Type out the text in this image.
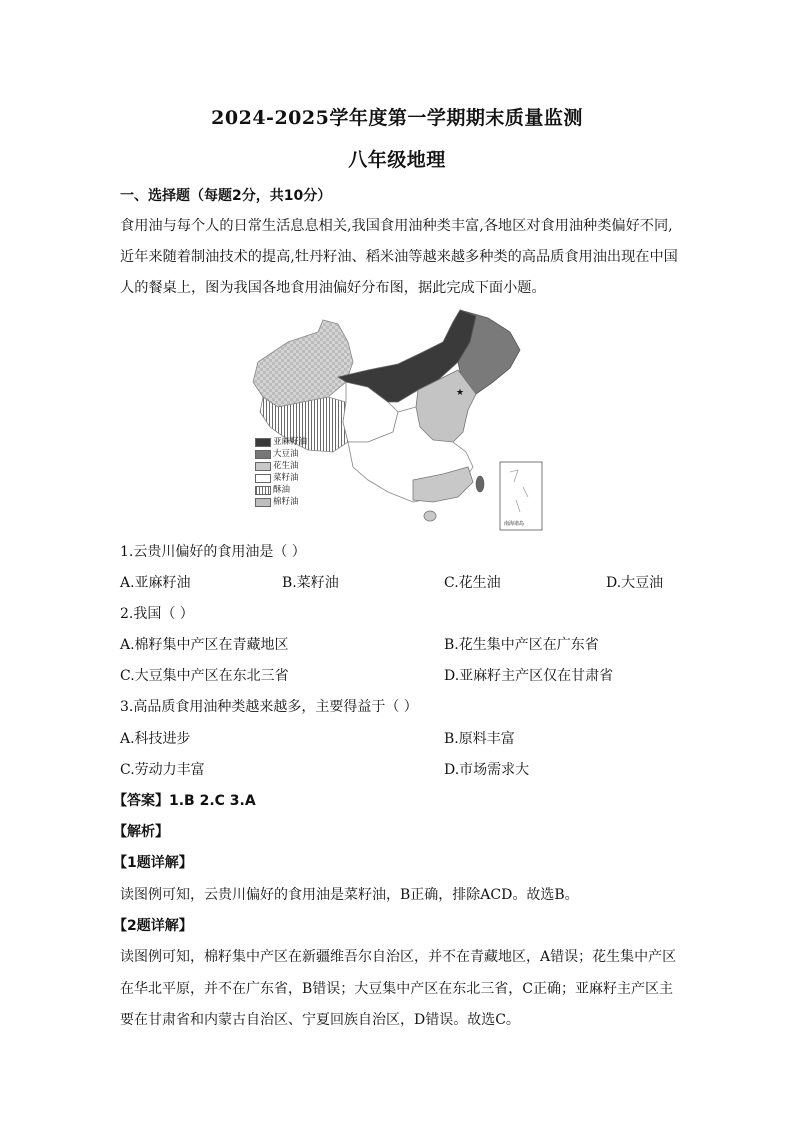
2024-2025学年度第一学期期末质量监测
八年级地理
一、选择题（每题2分，共10分）
食用油与每个人的日常生活息息相关,我国食用油种类丰富,各地区对食用油种类偏好不同,
近年来随着制油技术的提高,牡丹籽油、稻米油等越来越多种类的高品质食用油出现在中国
人的餐桌上，图为我国各地食用油偏好分布图，据此完成下面小题。
★
亚麻籽油
大豆油
花生油
菜籽油
酥油
棉籽油
南海诸岛
1.云贵川偏好的食用油是（ ）
A.亚麻籽油	B.菜籽油	C.花生油	D.大豆油
2.我国（ ）
A.棉籽集中产区在青藏地区	B.花生集中产区在广东省
C.大豆集中产区在东北三省	D.亚麻籽主产区仅在甘肃省
3.高品质食用油种类越来越多，主要得益于（ ）
A.科技进步	B.原料丰富
C.劳动力丰富	D.市场需求大
【答案】1.B 2.C 3.A
【解析】
【1题详解】
读图例可知，云贵川偏好的食用油是菜籽油，B正确，排除ACD。故选B。
【2题详解】
读图例可知，棉籽集中产区在新疆维吾尔自治区，并不在青藏地区，A错误；花生集中产区
在华北平原，并不在广东省，B错误；大豆集中产区在东北三省，C正确；亚麻籽主产区主
要在甘肃省和内蒙古自治区、宁夏回族自治区，D错误。故选C。
